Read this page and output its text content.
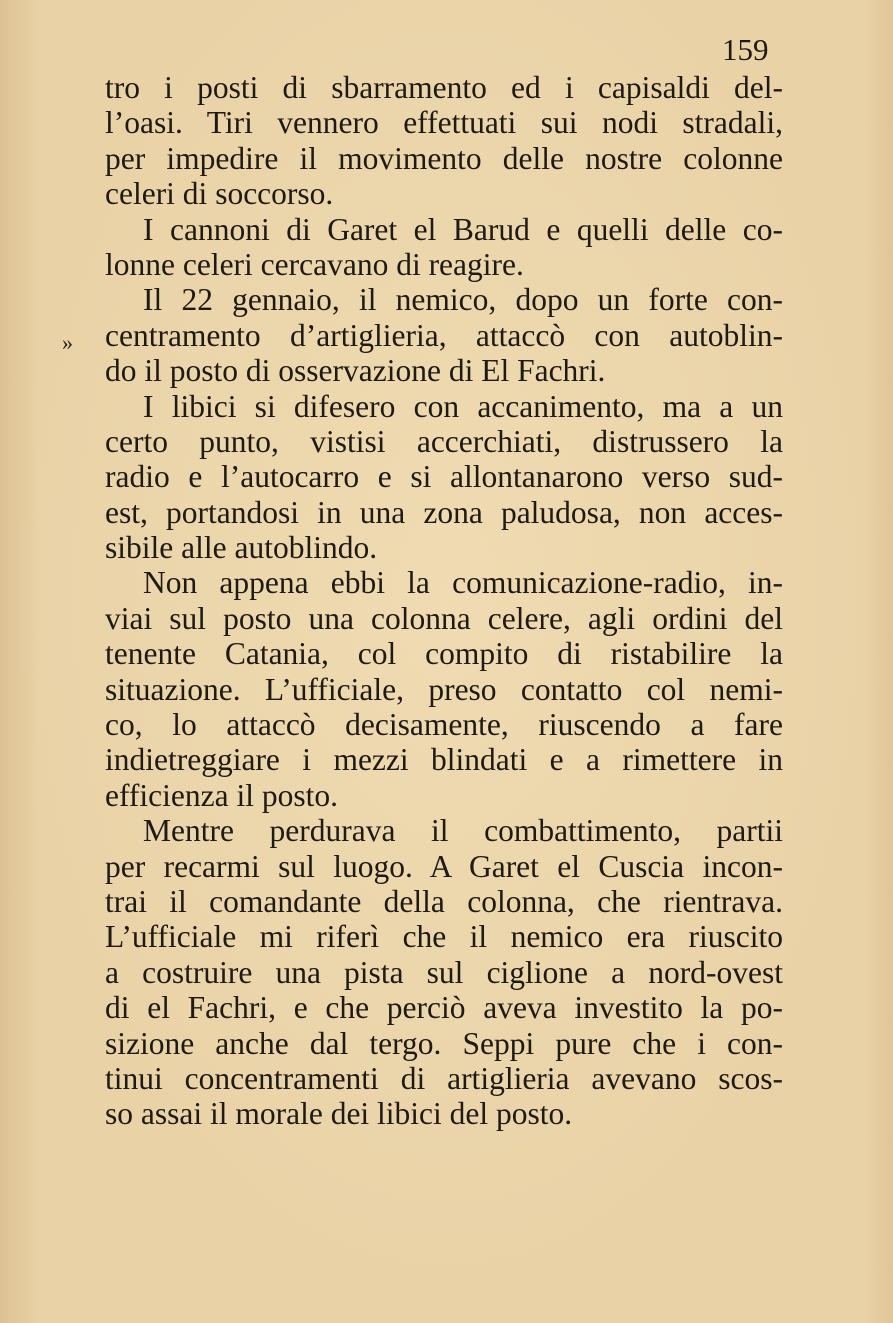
159

»
tro i posti di sbarramento ed i capisaldi del-
l’oasi. Tiri vennero effettuati sui nodi stradali,
per impedire il movimento delle nostre colonne
celeri di soccorso.
I cannoni di Garet el Barud e quelli delle co-
lonne celeri cercavano di reagire.
Il 22 gennaio, il nemico, dopo un forte con-
centramento d’artiglieria, attaccò con autoblin-
do il posto di osservazione di El Fachri.
I libici si difesero con accanimento, ma a un
certo punto, vistisi accerchiati, distrussero la
radio e l’autocarro e si allontanarono verso sud-
est, portandosi in una zona paludosa, non acces-
sibile alle autoblindo.
Non appena ebbi la comunicazione-radio, in-
viai sul posto una colonna celere, agli ordini del
tenente Catania, col compito di ristabilire la
situazione. L’ufficiale, preso contatto col nemi-
co, lo attaccò decisamente, riuscendo a fare
indietreggiare i mezzi blindati e a rimettere in
efficienza il posto.
Mentre perdurava il combattimento, partii
per recarmi sul luogo. A Garet el Cuscia incon-
trai il comandante della colonna, che rientrava.
L’ufficiale mi riferì che il nemico era riuscito
a costruire una pista sul ciglione a nord-ovest
di el Fachri, e che perciò aveva investito la po-
sizione anche dal tergo. Seppi pure che i con-
tinui concentramenti di artiglieria avevano scos-
so assai il morale dei libici del posto.
